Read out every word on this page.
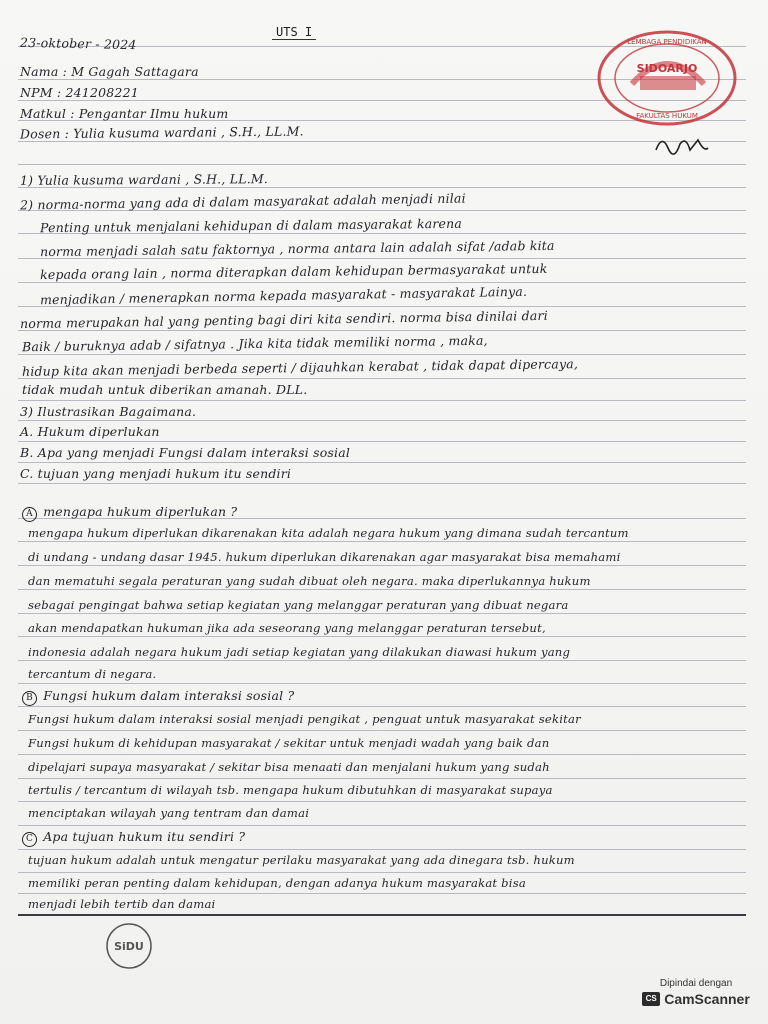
23-oktober - 2024
UTS I
Nama : M Gagah Sattagara
NPM : 241208221
Matkul : Pengantar Ilmu hukum
Dosen : Yulia kusuma wardani , S.H., LL.M.
LEMBAGA PENDIDIKAN
SIDOARJO
FAKULTAS HUKUM
1) Yulia kusuma wardani , S.H., LL.M.
2) norma-norma yang ada di dalam masyarakat adalah menjadi nilai
Penting untuk menjalani kehidupan di dalam masyarakat karena
norma menjadi salah satu faktornya , norma antara lain adalah sifat /adab kita
kepada orang lain , norma diterapkan dalam kehidupan bermasyarakat untuk
menjadikan / menerapkan norma kepada masyarakat - masyarakat Lainya.
norma merupakan hal yang penting bagi diri kita sendiri. norma bisa dinilai dari
Baik / buruknya adab / sifatnya . Jika kita tidak memiliki norma , maka,
hidup kita akan menjadi berbeda seperti / dijauhkan kerabat , tidak dapat dipercaya,
tidak mudah untuk diberikan amanah. DLL.
3) Ilustrasikan Bagaimana.
A. Hukum diperlukan
B. Apa yang menjadi Fungsi dalam interaksi sosial
C. tujuan yang menjadi hukum itu sendiri
A mengapa hukum diperlukan ?
mengapa hukum diperlukan dikarenakan kita adalah negara hukum yang dimana sudah tercantum
di undang - undang dasar 1945. hukum diperlukan dikarenakan agar masyarakat bisa memahami
dan mematuhi segala peraturan yang sudah dibuat oleh negara. maka diperlukannya hukum
sebagai pengingat bahwa setiap kegiatan yang melanggar peraturan yang dibuat negara
akan mendapatkan hukuman jika ada seseorang yang melanggar peraturan tersebut,
indonesia adalah negara hukum jadi setiap kegiatan yang dilakukan diawasi hukum yang
tercantum di negara.
B Fungsi hukum dalam interaksi sosial ?
Fungsi hukum dalam interaksi sosial menjadi pengikat , penguat untuk masyarakat sekitar
Fungsi hukum di kehidupan masyarakat / sekitar untuk menjadi wadah yang baik dan
dipelajari supaya masyarakat / sekitar bisa menaati dan menjalani hukum yang sudah
tertulis / tercantum di wilayah tsb. mengapa hukum dibutuhkan di masyarakat supaya
menciptakan wilayah yang tentram dan damai
C Apa tujuan hukum itu sendiri ?
tujuan hukum adalah untuk mengatur perilaku masyarakat yang ada dinegara tsb. hukum
memiliki peran penting dalam kehidupan, dengan adanya hukum masyarakat bisa
menjadi lebih tertib dan damai
SiDU
Dipindai dengan
CS CamScanner
